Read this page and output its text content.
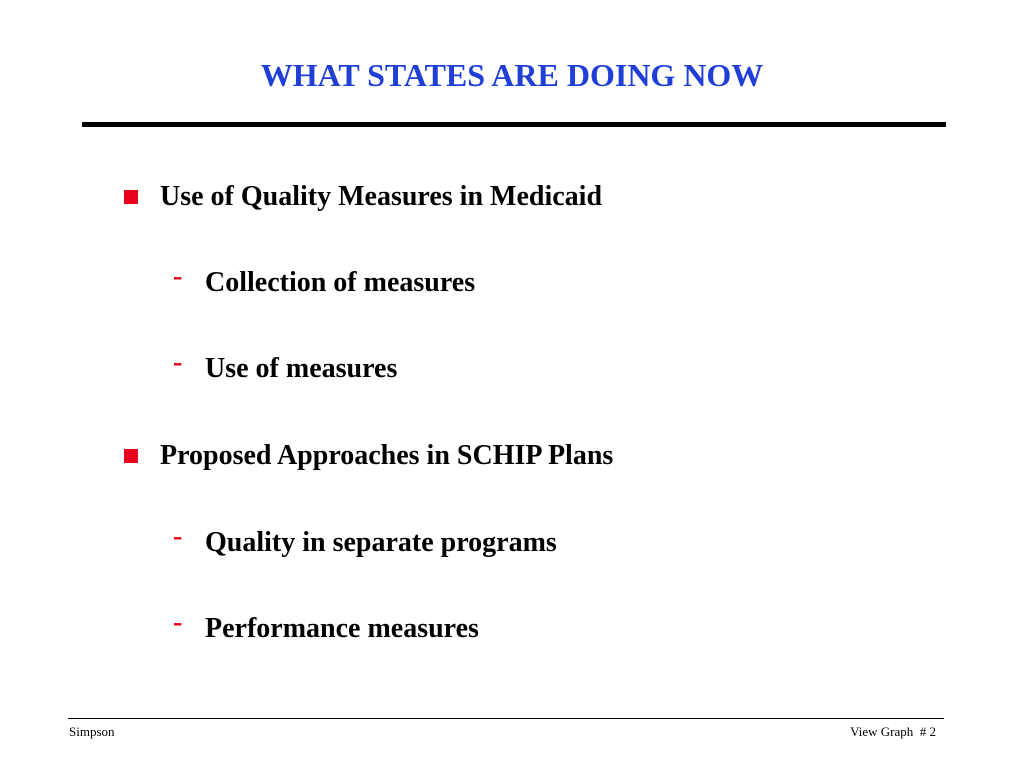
WHAT STATES ARE DOING NOW
Use of Quality Measures in Medicaid
- Collection of measures
- Use of measures
Proposed Approaches in SCHIP Plans
- Quality in separate programs
- Performance measures
Simpson	View Graph  # 2
